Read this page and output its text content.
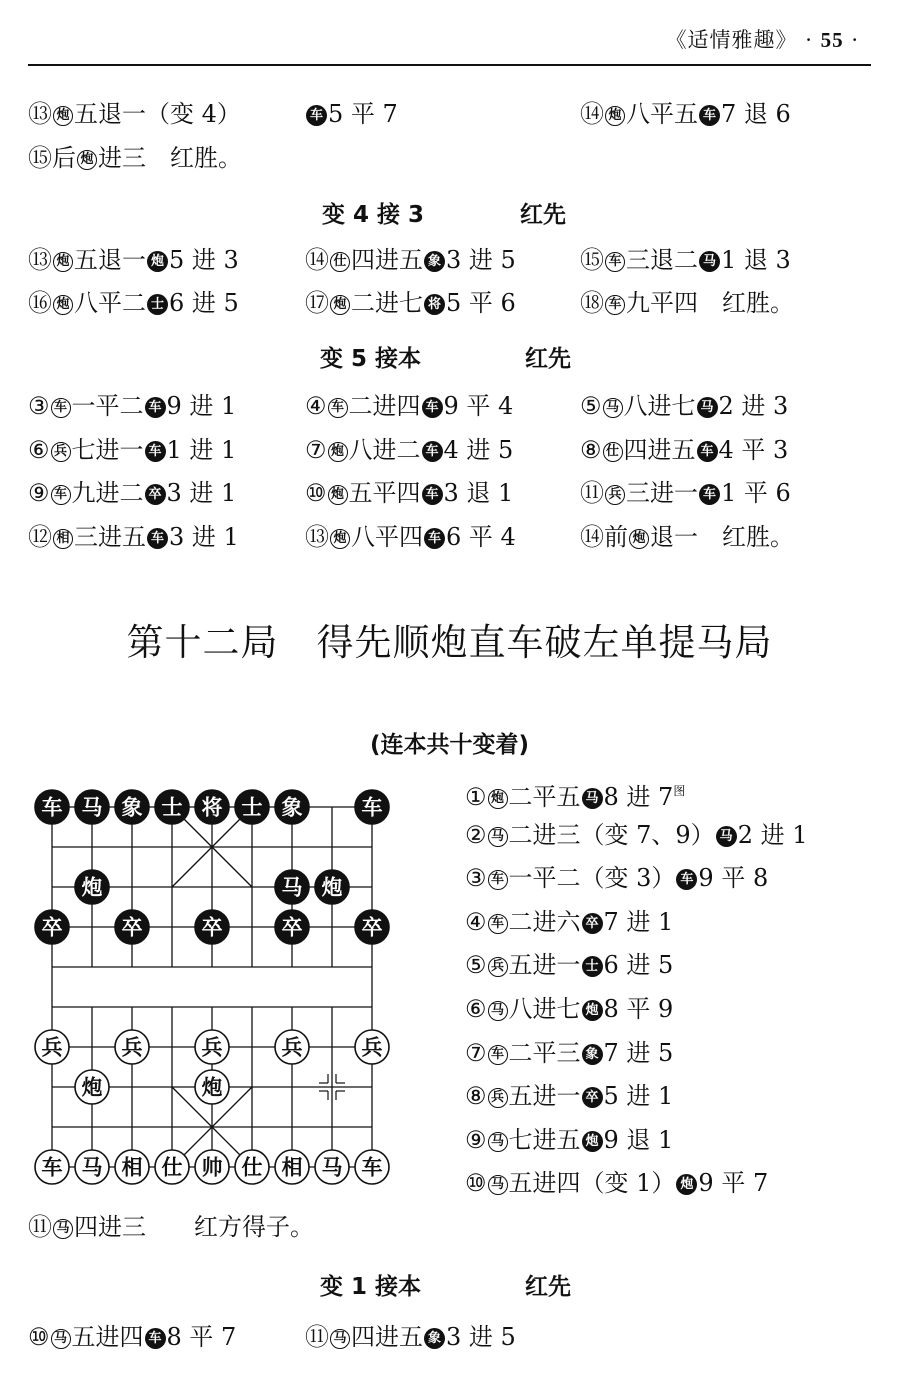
《适情雅趣》 · 55 ·
⑬ 炮 五退一（变 4）	车 5 平 7	⑭ 炮 八平五 车 7 退 6
⑮后 炮 进三　红胜。
变 4 接 3	红先
⑬ 炮 五退一 炮 5 进 3	⑭ 仕 四进五 象 3 进 5	⑮ 车 三退二 马 1 退 3
⑯ 炮 八平二 士 6 进 5	⑰ 炮 二进七 将 5 平 6	⑱ 车 九平四　红胜。
变 5 接本	红先
③ 车 一平二 车 9 进 1	④ 车 二进四 车 9 平 4	⑤ 马 八进七 马 2 进 3
⑥ 兵 七进一 车 1 进 1	⑦ 炮 八进二 车 4 进 5	⑧ 仕 四进五 车 4 平 3
⑨ 车 九进二 卒 3 进 1	⑩ 炮 五平四 车 3 退 1	⑪ 兵 三进一 车 1 平 6
⑫ 相 三进五 车 3 进 1	⑬ 炮 八平四 车 6 平 4	⑭前 炮 退一　红胜。
第十二局　得先顺炮直车破左单提马局
(连本共十变着)
车 马 象 士 将 士 象	车
炮	马 炮
卒	卒	卒	卒	卒
兵	兵	兵	兵	兵
炮	炮
车 马 相 仕 帅 仕 相 马 车
① 炮 二平五 马 8 进 7$^图$
② 马 二进三（变 7、9） 马 2 进 1
③ 车 一平二（变 3） 车 9 平 8
④ 车 二进六 卒 7 进 1
⑤ 兵 五进一 士 6 进 5
⑥ 马 八进七 炮 8 平 9
⑦ 车 二平三 象 7 进 5
⑧ 兵 五进一 卒 5 进 1
⑨ 马 七进五 炮 9 退 1
⑩ 马 五进四（变 1） 炮 9 平 7
⑪ 马 四进三　　红方得子。
变 1 接本	红先
⑩ 马 五进四 车 8 平 7	⑪ 马 四进五 象 3 进 5
